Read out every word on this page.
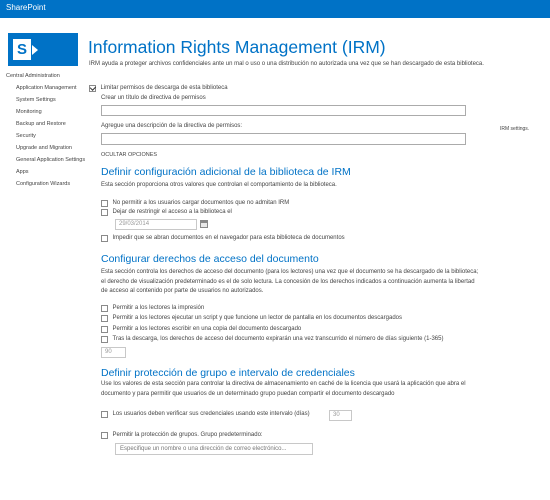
SharePoint
S
Central Administration
Application Management
System Settings
Monitoring
Backup and Restore
Security
Upgrade and Migration
General Application Settings
Apps
Configuration Wizards
Information Rights Management (IRM)
IRM ayuda a proteger archivos confidenciales ante un mal o uso o una distribución no autorizada una vez que se han descargado de esta biblioteca.
Limitar permisos de descarga de esta biblioteca
Crear un título de directiva de permisos
Agregue una descripción de la directiva de permisos:	IRM settings.
OCULTAR OPCIONES
Definir configuración adicional de la biblioteca de IRM
Esta sección proporciona otros valores que controlan el comportamiento de la biblioteca.
No permitir a los usuarios cargar documentos que no admitan IRM
Dejar de restringir el acceso a la biblioteca el
29/03/2014
Impedir que se abran documentos en el navegador para esta biblioteca de documentos
Configurar derechos de acceso del documento
Esta sección controla los derechos de acceso del documento (para los lectores) una vez que el documento se ha descargado de la biblioteca; el derecho de visualización predeterminado es el de solo lectura. La concesión de los derechos indicados a continuación aumenta la libertad de acceso al contenido por parte de usuarios no autorizados.
Permitir a los lectores la impresión
Permitir a los lectores ejecutar un script y que funcione un lector de pantalla en los documentos descargados
Permitir a los lectores escribir en una copia del documento descargado
Tras la descarga, los derechos de acceso del documento expirarán una vez transcurrido el número de días siguiente (1-365)
90
Definir protección de grupo e intervalo de credenciales
Use los valores de esta sección para controlar la directiva de almacenamiento en caché de la licencia que usará la aplicación que abra el documento y para permitir que usuarios de un determinado grupo puedan compartir el documento descargado
Los usuarios deben verificar sus credenciales usando este intervalo (días)	30
Permitir la protección de grupos. Grupo predeterminado:
Especifique un nombre o una dirección de correo electrónico...
